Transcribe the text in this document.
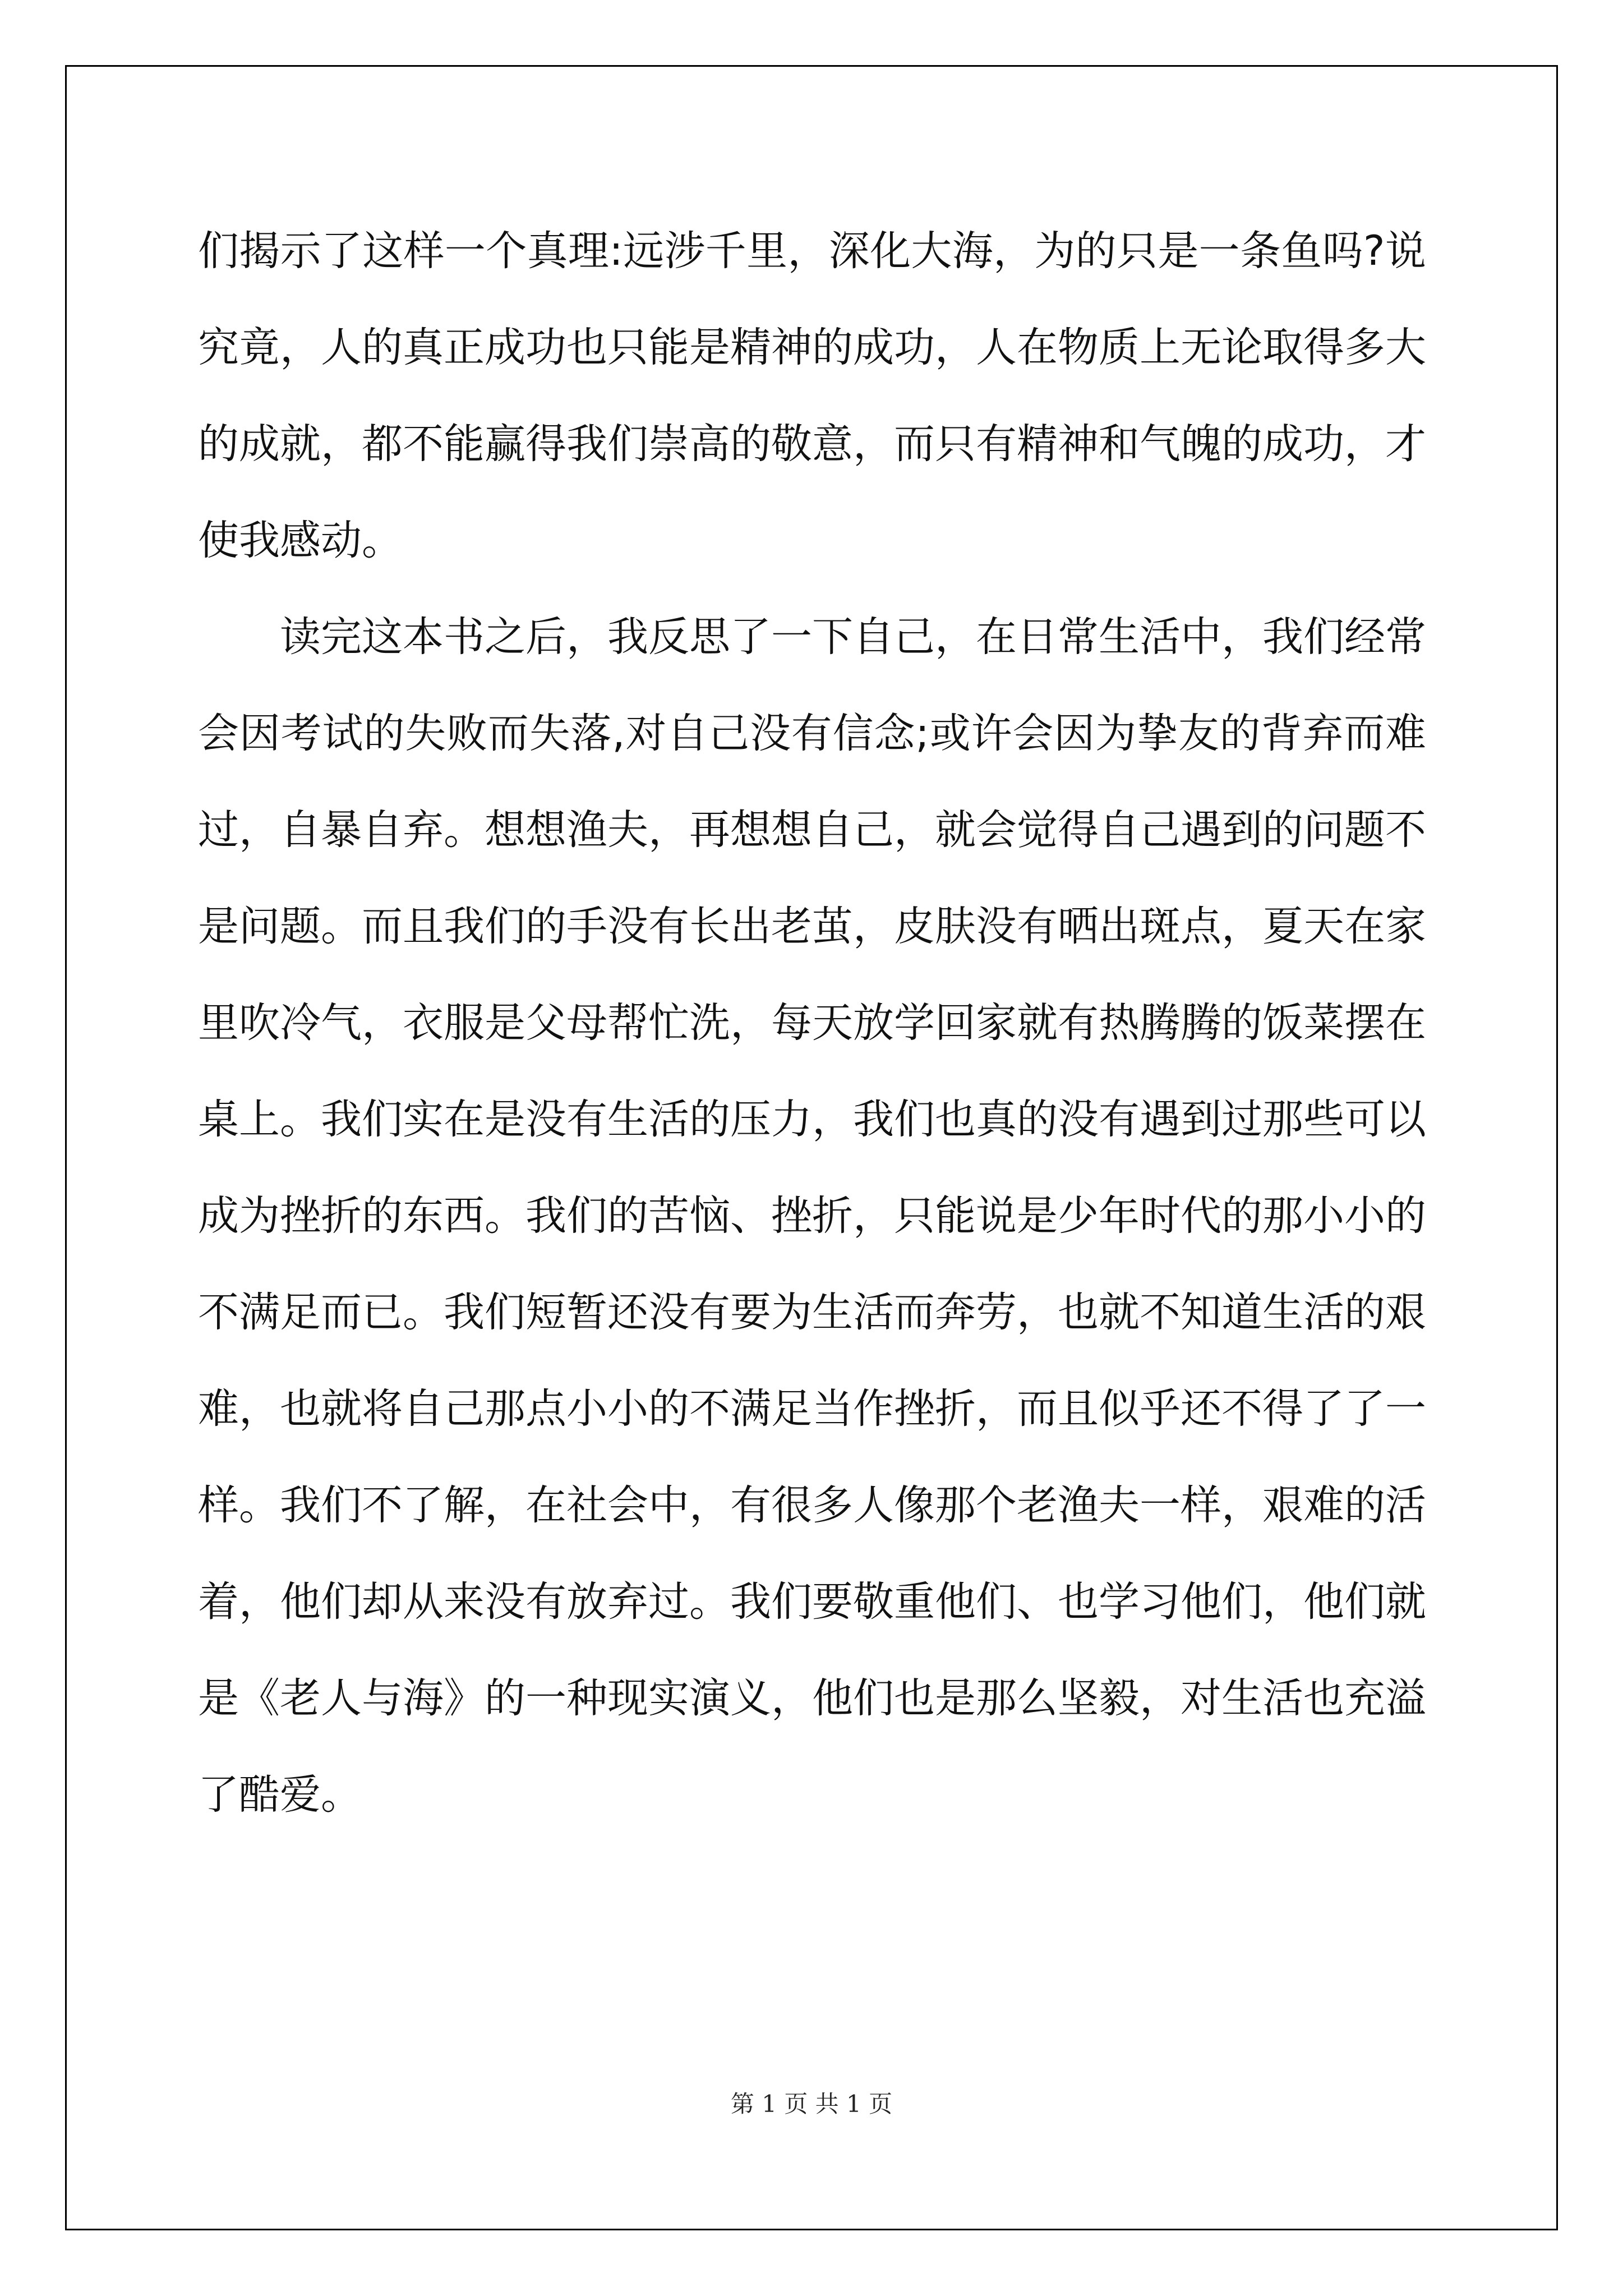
们揭示了这样一个真理:远涉千里，深化大海，为的只是一条鱼吗?说
究竟，人的真正成功也只能是精神的成功，人在物质上无论取得多大
的成就，都不能赢得我们崇高的敬意，而只有精神和气魄的成功，才
使我感动。
读完这本书之后，我反思了一下自己，在日常生活中，我们经常
会因考试的失败而失落,对自己没有信念;或许会因为挚友的背弃而难
过，自暴自弃。想想渔夫，再想想自己，就会觉得自己遇到的问题不
是问题。而且我们的手没有长出老茧，皮肤没有晒出斑点，夏天在家
里吹冷气，衣服是父母帮忙洗，每天放学回家就有热腾腾的饭菜摆在
桌上。我们实在是没有生活的压力，我们也真的没有遇到过那些可以
成为挫折的东西。我们的苦恼、挫折，只能说是少年时代的那小小的
不满足而已。我们短暂还没有要为生活而奔劳，也就不知道生活的艰
难，也就将自己那点小小的不满足当作挫折，而且似乎还不得了了一
样。我们不了解，在社会中，有很多人像那个老渔夫一样，艰难的活
着，他们却从来没有放弃过。我们要敬重他们、也学习他们，他们就
是《老人与海》的一种现实演义，他们也是那么坚毅，对生活也充溢
了酷爱。
第 1 页 共 1 页
